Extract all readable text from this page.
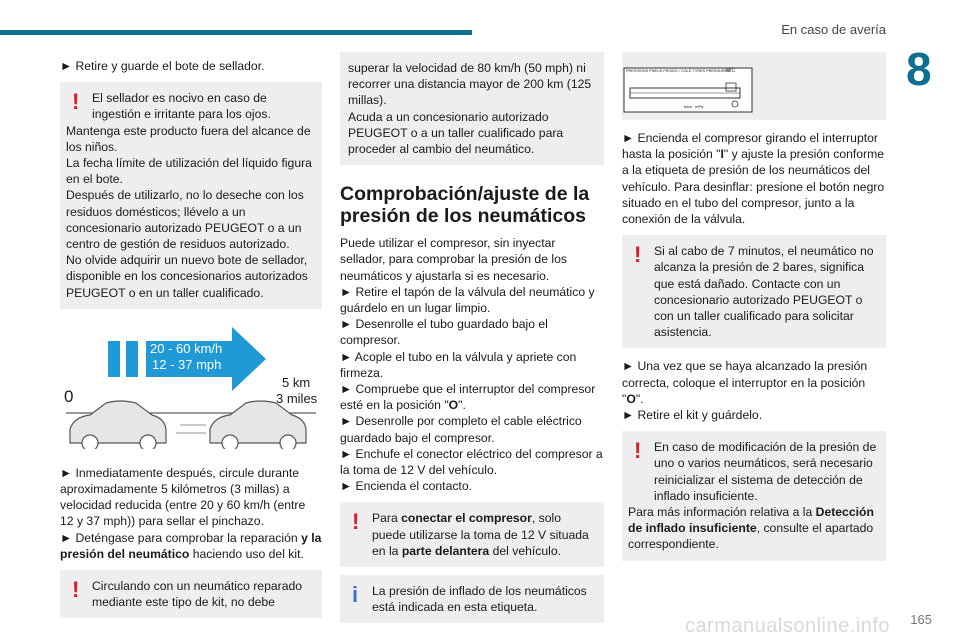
En caso de avería
8

► Retire y guarde el bote de sellador.

!	El sellador es nocivo en caso de ingestión e irritante para los ojos.

Mantenga este producto fuera del alcance de los niños.

La fecha límite de utilización del líquido figura en el bote.

Después de utilizarlo, no lo deseche con los residuos domésticos; llévelo a un concesionario autorizado PEUGEOT o a un centro de gestión de residuos autorizado.

No olvide adquirir un nuevo bote de sellador, disponible en los concesionarios autorizados PEUGEOT o en un taller cualificado.

20 - 60 km/h
12 - 37 mph
0
5 km
3 miles

► Inmediatamente después, circule durante aproximadamente 5 kilómetros (3 millas) a velocidad reducida (entre 20 y 60 km/h (entre 12 y 37 mph)) para sellar el pinchazo.

► Deténgase para comprobar la reparación y la presión del neumático haciendo uso del kit.

!	Circulando con un neumático reparado mediante este tipo de kit, no debe

superar la velocidad de 80 km/h (50 mph) ni recorrer una distancia mayor de 200 km (125 millas).

Acuda a un concesionario autorizado PEUGEOT o a un taller cualificado para proceder al cambio del neumático.

Comprobación/ajuste de la presión de los neumáticos

Puede utilizar el compresor, sin inyectar sellador, para comprobar la presión de los neumáticos y ajustarla si es necesario.

► Retire el tapón de la válvula del neumático y guárdelo en un lugar limpio.

► Desenrolle el tubo guardado bajo el compresor.

► Acople el tubo en la válvula y apriete con firmeza.

► Compruebe que el interruptor del compresor esté en la posición "O".

► Desenrolle por completo el cable eléctrico guardado bajo el compresor.

► Enchufe el conector eléctrico del compresor a la toma de 12 V del vehículo.

► Encienda el contacto.

!	Para conectar el compresor, solo puede utilizarse la toma de 12 V situada en la parte delantera del vehículo.

i	La presión de inflado de los neumáticos está indicada en esta etiqueta.

PRESSIONS PNEUS FROIDS / COLD TYRES PRESSURES
MIC
bars   mPa

► Encienda el compresor girando el interruptor hasta la posición "I" y ajuste la presión conforme a la etiqueta de presión de los neumáticos del vehículo. Para desinflar: presione el botón negro situado en el tubo del compresor, junto a la conexión de la válvula.

!	Si al cabo de 7 minutos, el neumático no alcanza la presión de 2 bares, significa que está dañado. Contacte con un concesionario autorizado PEUGEOT o con un taller cualificado para solicitar asistencia.

► Una vez que se haya alcanzado la presión correcta, coloque el interruptor en la posición "O".

► Retire el kit y guárdelo.

!	En caso de modificación de la presión de uno o varios neumáticos, será necesario reinicializar el sistema de detección de inflado insuficiente.

Para más información relativa a la Detección de inflado insuficiente, consulte el apartado correspondiente.

carmanualsonline.info 165
